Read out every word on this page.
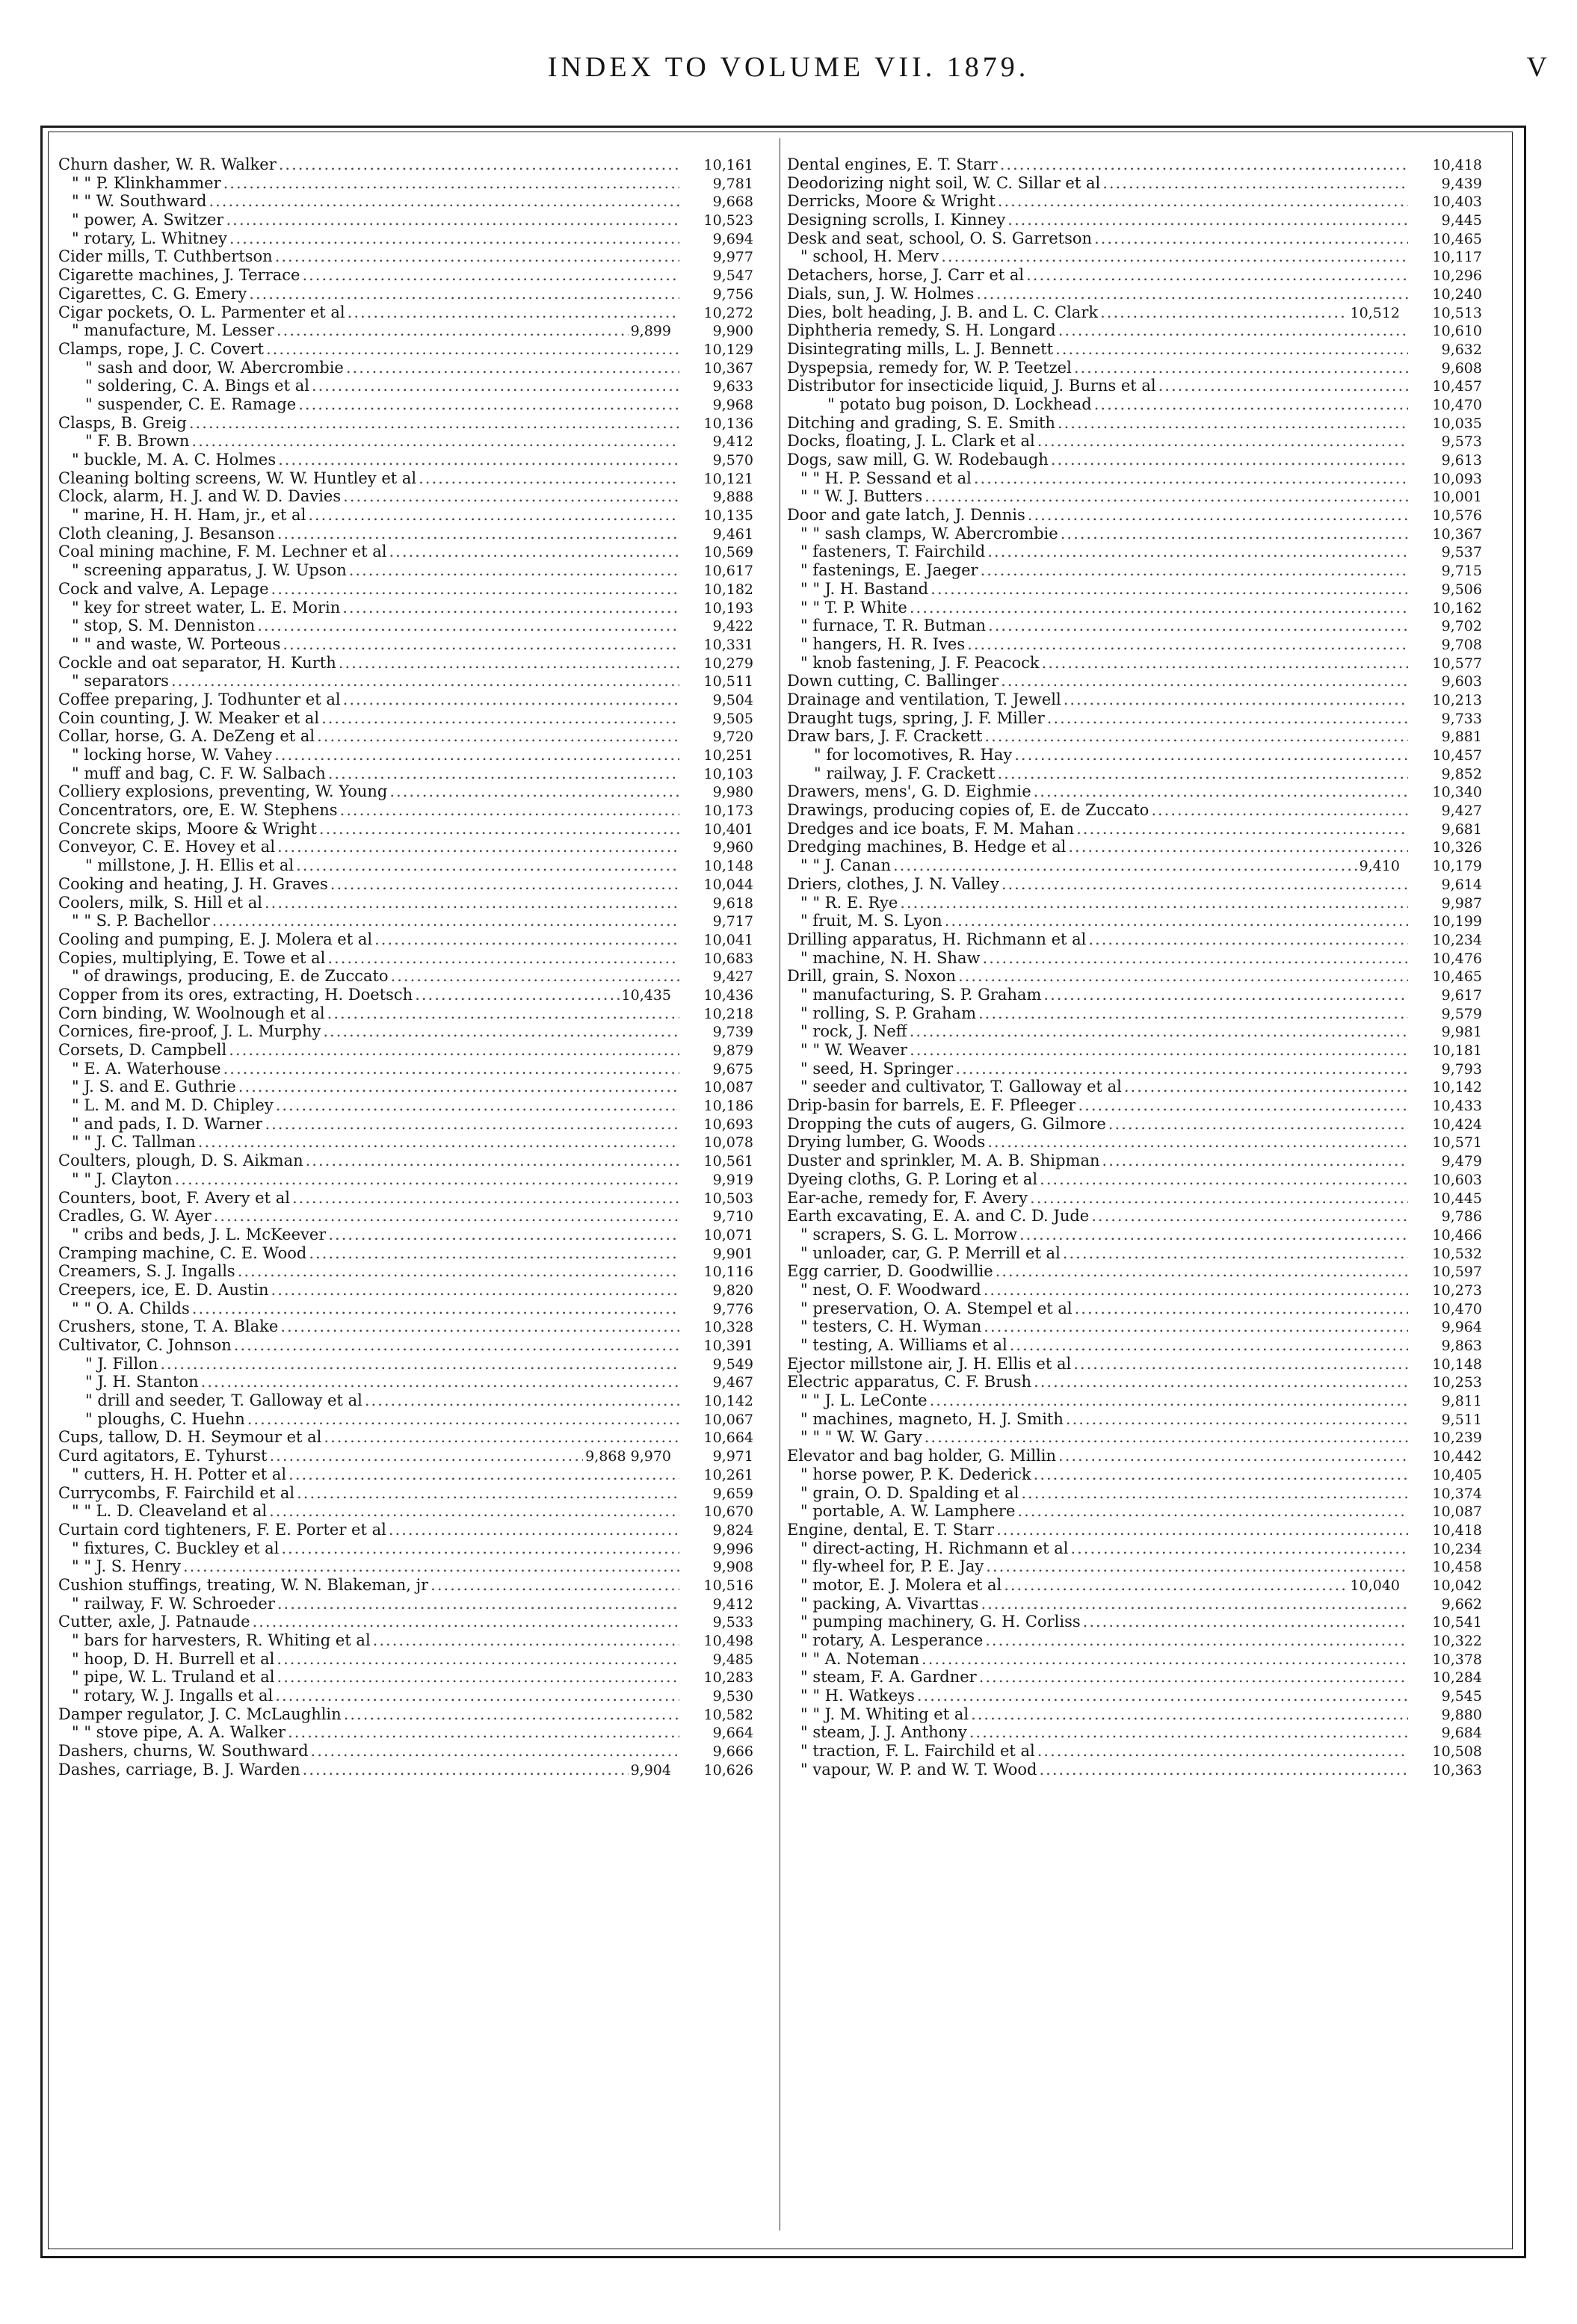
INDEX TO VOLUME VII. 1879.	V
Churn dasher, W. R. Walker .....	10,161
" " P. Klinkhammer .....	9,781
" " W. Southward .....	9,668
" power, A. Switzer .....	10,523
" rotary, L. Whitney .....	9,694
Cider mills, T. Cuthbertson .....	9,977
Cigarette machines, J. Terrace .....	9,547
Cigarettes, C. G. Emery .....	9,756
Cigar pockets, O. L. Parmenter et al .....	10,272
" manufacture, M. Lesser .....	9,899	9,900
Clamps, rope, J. C. Covert .....	10,129
" sash and door, W. Abercrombie .....	10,367
" soldering, C. A. Bings et al .....	9,633
" suspender, C. E. Ramage .....	9,968
Clasps, B. Greig .....	10,136
" F. B. Brown .....	9,412
" buckle, M. A. C. Holmes .....	9,570
Cleaning bolting screens, W. W. Huntley et al .....	10,121
Clock, alarm, H. J. and W. D. Davies .....	9,888
" marine, H. H. Ham, jr., et al .....	10,135
Cloth cleaning, J. Besanson .....	9,461
Coal mining machine, F. M. Lechner et al .....	10,569
" screening apparatus, J. W. Upson .....	10,617
Cock and valve, A. Lepage .....	10,182
" key for street water, L. E. Morin .....	10,193
" stop, S. M. Denniston .....	9,422
" " and waste, W. Porteous .....	10,331
Cockle and oat separator, H. Kurth .....	10,279
" separators .....	10,511
Coffee preparing, J. Todhunter et al .....	9,504
Coin counting, J. W. Meaker et al .....	9,505
Collar, horse, G. A. DeZeng et al .....	9,720
" locking horse, W. Vahey .....	10,251
" muff and bag, C. F. W. Salbach .....	10,103
Colliery explosions, preventing, W. Young .....	9,980
Concentrators, ore, E. W. Stephens .....	10,173
Concrete skips, Moore & Wright .....	10,401
Conveyor, C. E. Hovey et al .....	9,960
" millstone, J. H. Ellis et al .....	10,148
Cooking and heating, J. H. Graves .....	10,044
Coolers, milk, S. Hill et al .....	9,618
" " S. P. Bachellor .....	9,717
Cooling and pumping, E. J. Molera et al .....	10,041
Copies, multiplying, E. Towe et al .....	10,683
" of drawings, producing, E. de Zuccato .....	9,427
Copper from its ores, extracting, H. Doetsch .....	10,435	10,436
Corn binding, W. Woolnough et al .....	10,218
Cornices, fire-proof, J. L. Murphy .....	9,739
Corsets, D. Campbell .....	9,879
" E. A. Waterhouse .....	9,675
" J. S. and E. Guthrie .....	10,087
" L. M. and M. D. Chipley .....	10,186
" and pads, I. D. Warner .....	10,693
" " J. C. Tallman .....	10,078
Coulters, plough, D. S. Aikman .....	10,561
" " J. Clayton .....	9,919
Counters, boot, F. Avery et al .....	10,503
Cradles, G. W. Ayer .....	9,710
" cribs and beds, J. L. McKeever .....	10,071
Cramping machine, C. E. Wood .....	9,901
Creamers, S. J. Ingalls .....	10,116
Creepers, ice, E. D. Austin .....	9,820
" " O. A. Childs .....	9,776
Crushers, stone, T. A. Blake .....	10,328
Cultivator, C. Johnson .....	10,391
" J. Fillon .....	9,549
" J. H. Stanton .....	9,467
" drill and seeder, T. Galloway et al .....	10,142
" ploughs, C. Huehn .....	10,067
Cups, tallow, D. H. Seymour et al .....	10,664
Curd agitators, E. Tyhurst .....	9,868 9,970	9,971
" cutters, H. H. Potter et al .....	10,261
Currycombs, F. Fairchild et al .....	9,659
" " L. D. Cleaveland et al .....	10,670
Curtain cord tighteners, F. E. Porter et al .....	9,824
" fixtures, C. Buckley et al .....	9,996
" " J. S. Henry .....	9,908
Cushion stuffings, treating, W. N. Blakeman, jr .....	10,516
" railway, F. W. Schroeder .....	9,412
Cutter, axle, J. Patnaude .....	9,533
" bars for harvesters, R. Whiting et al .....	10,498
" hoop, D. H. Burrell et al .....	9,485
" pipe, W. L. Truland et al .....	10,283
" rotary, W. J. Ingalls et al .....	9,530
Damper regulator, J. C. McLaughlin .....	10,582
" " stove pipe, A. A. Walker .....	9,664
Dashers, churns, W. Southward .....	9,666
Dashes, carriage, B. J. Warden .....	9,904	10,626
Dental engines, E. T. Starr .....	10,418
Deodorizing night soil, W. C. Sillar et al .....	9,439
Derricks, Moore & Wright .....	10,403
Designing scrolls, I. Kinney .....	9,445
Desk and seat, school, O. S. Garretson .....	10,465
" school, H. Merv .....	10,117
Detachers, horse, J. Carr et al .....	10,296
Dials, sun, J. W. Holmes .....	10,240
Dies, bolt heading, J. B. and L. C. Clark .....	10,512	10,513
Diphtheria remedy, S. H. Longard .....	10,610
Disintegrating mills, L. J. Bennett .....	9,632
Dyspepsia, remedy for, W. P. Teetzel .....	9,608
Distributor for insecticide liquid, J. Burns et al .....	10,457
" potato bug poison, D. Lockhead .....	10,470
Ditching and grading, S. E. Smith .....	10,035
Docks, floating, J. L. Clark et al .....	9,573
Dogs, saw mill, G. W. Rodebaugh .....	9,613
" " H. P. Sessand et al .....	10,093
" " W. J. Butters .....	10,001
Door and gate latch, J. Dennis .....	10,576
" " sash clamps, W. Abercrombie .....	10,367
" fasteners, T. Fairchild .....	9,537
" fastenings, E. Jaeger .....	9,715
" " J. H. Bastand .....	9,506
" " T. P. White .....	10,162
" furnace, T. R. Butman .....	9,702
" hangers, H. R. Ives .....	9,708
" knob fastening, J. F. Peacock .....	10,577
Down cutting, C. Ballinger .....	9,603
Drainage and ventilation, T. Jewell .....	10,213
Draught tugs, spring, J. F. Miller .....	9,733
Draw bars, J. F. Crackett .....	9,881
" for locomotives, R. Hay .....	10,457
" railway, J. F. Crackett .....	9,852
Drawers, mens', G. D. Eighmie .....	10,340
Drawings, producing copies of, E. de Zuccato .....	9,427
Dredges and ice boats, F. M. Mahan .....	9,681
Dredging machines, B. Hedge et al .....	10,326
" " J. Canan .....	9,410	10,179
Driers, clothes, J. N. Valley .....	9,614
" " R. E. Rye .....	9,987
" fruit, M. S. Lyon .....	10,199
Drilling apparatus, H. Richmann et al .....	10,234
" machine, N. H. Shaw .....	10,476
Drill, grain, S. Noxon .....	10,465
" manufacturing, S. P. Graham .....	9,617
" rolling, S. P. Graham .....	9,579
" rock, J. Neff .....	9,981
" " W. Weaver .....	10,181
" seed, H. Springer .....	9,793
" seeder and cultivator, T. Galloway et al .....	10,142
Drip-basin for barrels, E. F. Pfleeger .....	10,433
Dropping the cuts of augers, G. Gilmore .....	10,424
Drying lumber, G. Woods .....	10,571
Duster and sprinkler, M. A. B. Shipman .....	9,479
Dyeing cloths, G. P. Loring et al .....	10,603
Ear-ache, remedy for, F. Avery .....	10,445
Earth excavating, E. A. and C. D. Jude .....	9,786
" scrapers, S. G. L. Morrow .....	10,466
" unloader, car, G. P. Merrill et al .....	10,532
Egg carrier, D. Goodwillie .....	10,597
" nest, O. F. Woodward .....	10,273
" preservation, O. A. Stempel et al .....	10,470
" testers, C. H. Wyman .....	9,964
" testing, A. Williams et al .....	9,863
Ejector millstone air, J. H. Ellis et al .....	10,148
Electric apparatus, C. F. Brush .....	10,253
" " J. L. LeConte .....	9,811
" machines, magneto, H. J. Smith .....	9,511
" " " W. W. Gary .....	10,239
Elevator and bag holder, G. Millin .....	10,442
" horse power, P. K. Dederick .....	10,405
" grain, O. D. Spalding et al .....	10,374
" portable, A. W. Lamphere .....	10,087
Engine, dental, E. T. Starr .....	10,418
" direct-acting, H. Richmann et al .....	10,234
" fly-wheel for, P. E. Jay .....	10,458
" motor, E. J. Molera et al .....	10,040	10,042
" packing, A. Vivarttas .....	9,662
" pumping machinery, G. H. Corliss .....	10,541
" rotary, A. Lesperance .....	10,322
" " A. Noteman .....	10,378
" steam, F. A. Gardner .....	10,284
" " H. Watkeys .....	9,545
" " J. M. Whiting et al .....	9,880
" steam, J. J. Anthony .....	9,684
" traction, F. L. Fairchild et al .....	10,508
" vapour, W. P. and W. T. Wood .....	10,363
